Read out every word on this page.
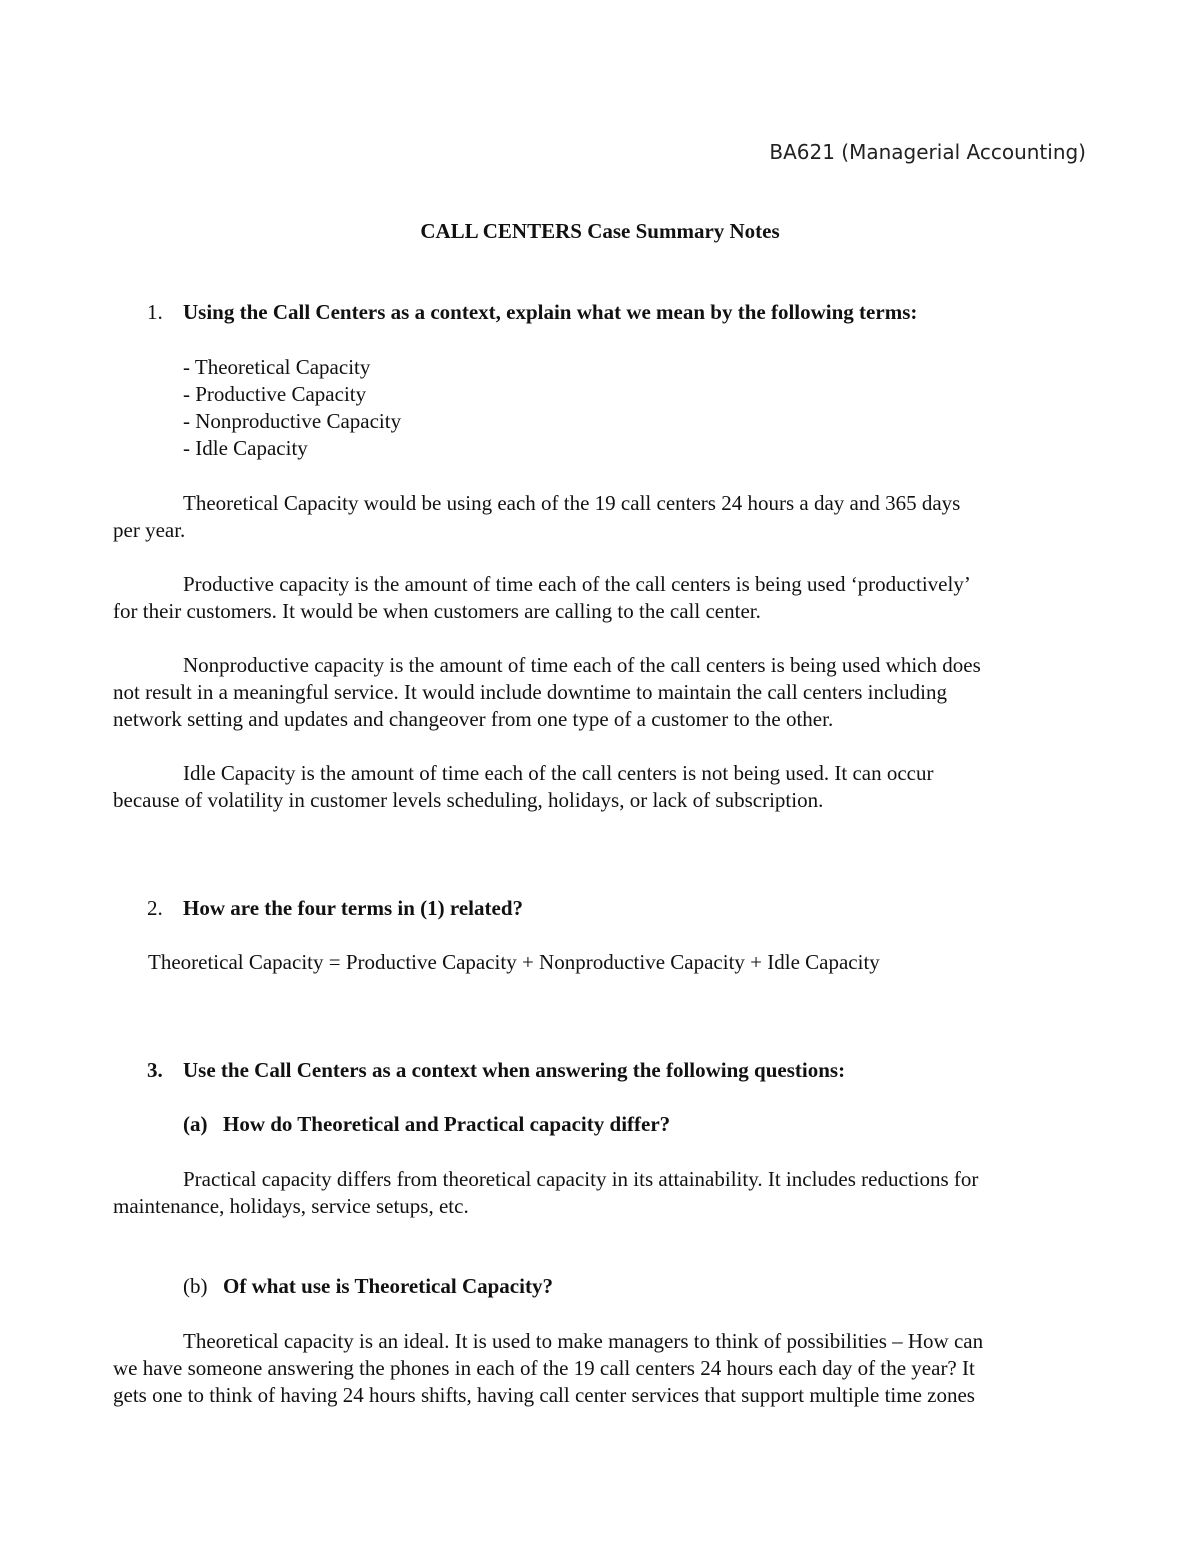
BA621 (Managerial Accounting)
CALL CENTERS Case Summary Notes
1. Using the Call Centers as a context, explain what we mean by the following terms:
- Theoretical Capacity
- Productive Capacity
- Nonproductive Capacity
- Idle Capacity
Theoretical Capacity would be using each of the 19 call centers 24 hours a day and 365 days
per year.
Productive capacity is the amount of time each of the call centers is being used ‘productively’
for their customers. It would be when customers are calling to the call center.
Nonproductive capacity is the amount of time each of the call centers is being used which does
not result in a meaningful service. It would include downtime to maintain the call centers including
network setting and updates and changeover from one type of a customer to the other.
Idle Capacity is the amount of time each of the call centers is not being used. It can occur
because of volatility in customer levels scheduling, holidays, or lack of subscription.
2. How are the four terms in (1) related?
Theoretical Capacity = Productive Capacity + Nonproductive Capacity + Idle Capacity
3. Use the Call Centers as a context when answering the following questions:
(a) How do Theoretical and Practical capacity differ?
Practical capacity differs from theoretical capacity in its attainability. It includes reductions for
maintenance, holidays, service setups, etc.
(b) Of what use is Theoretical Capacity?
Theoretical capacity is an ideal. It is used to make managers to think of possibilities – How can
we have someone answering the phones in each of the 19 call centers 24 hours each day of the year? It
gets one to think of having 24 hours shifts, having call center services that support multiple time zones
